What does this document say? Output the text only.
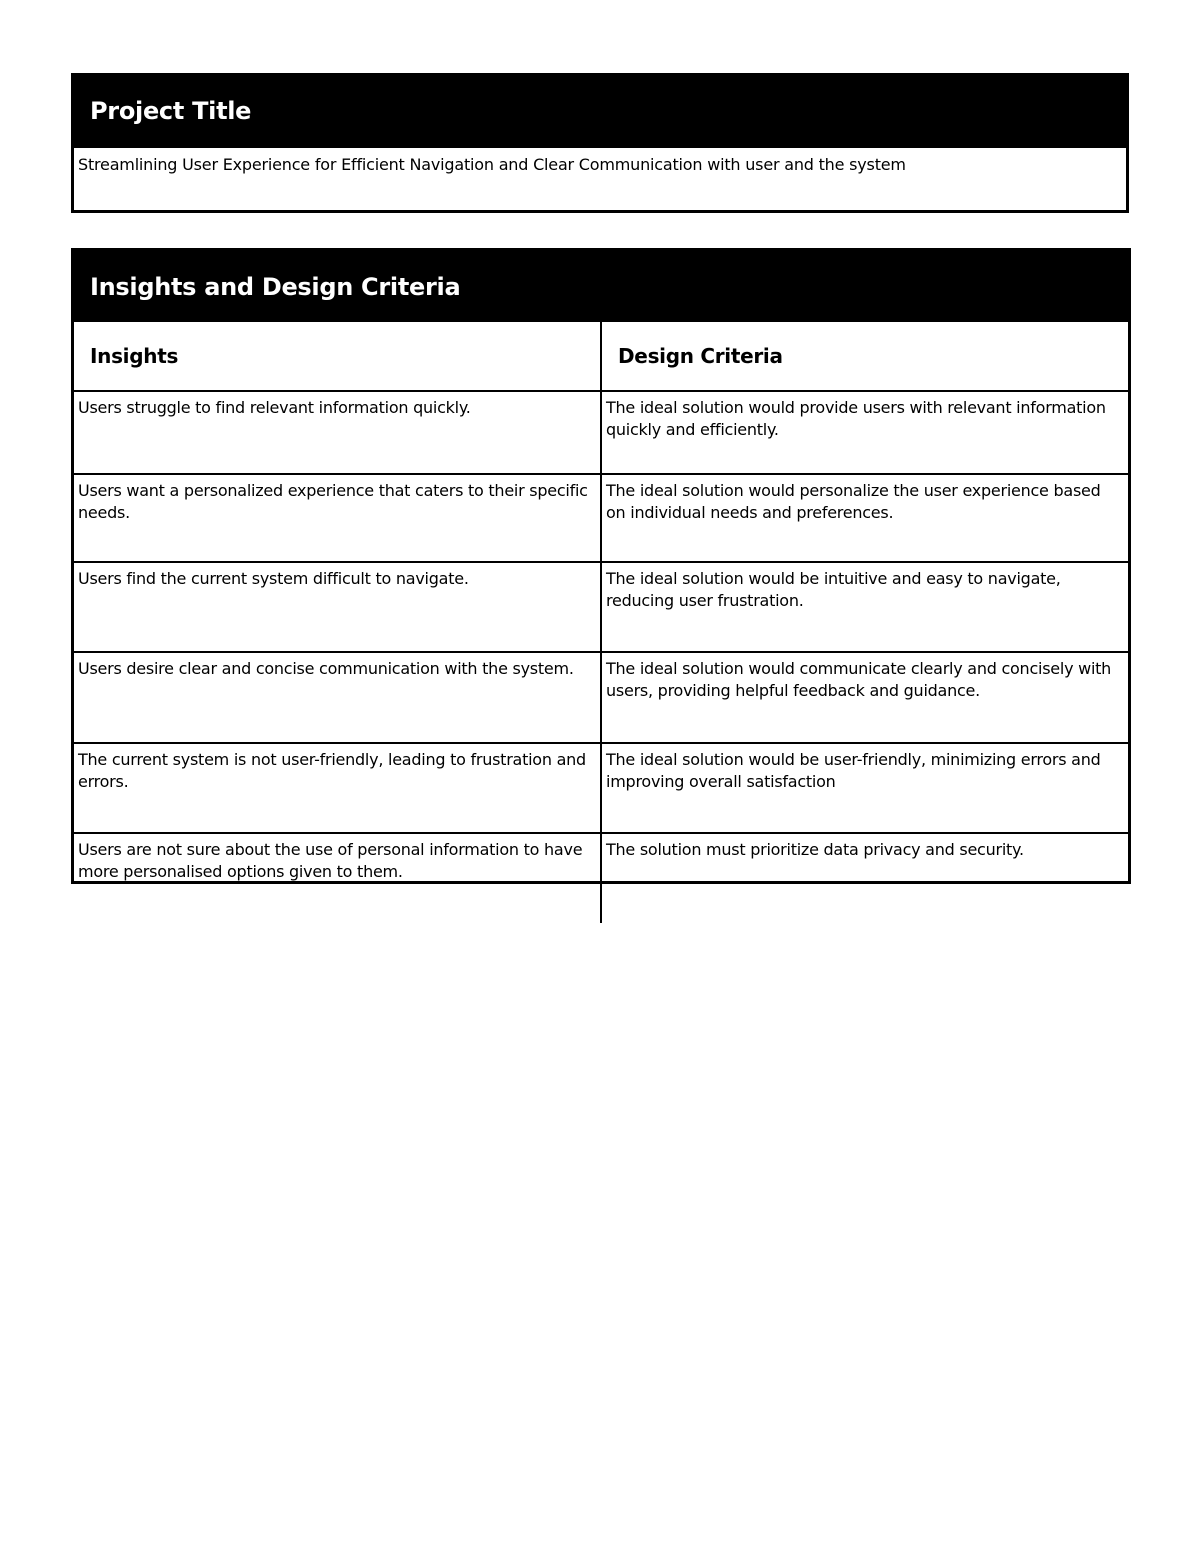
Project Title
Streamlining User Experience for Efficient Navigation and Clear Communication with user and the system
Insights and Design Criteria
Insights	Design Criteria
Users struggle to find relevant information quickly.	The ideal solution would provide users with relevant information quickly and efficiently.
Users want a personalized experience that caters to their specific needs.	The ideal solution would personalize the user experience based on individual needs and preferences.
Users find the current system difficult to navigate.	The ideal solution would be intuitive and easy to navigate, reducing user frustration.
Users desire clear and concise communication with the system.	The ideal solution would communicate clearly and concisely with users, providing helpful feedback and guidance.
The current system is not user-friendly, leading to frustration and errors.	The ideal solution would be user-friendly, minimizing errors and improving overall satisfaction
Users are not sure about the use of personal information to have more personalised options given to them.	The solution must prioritize data privacy and security.
